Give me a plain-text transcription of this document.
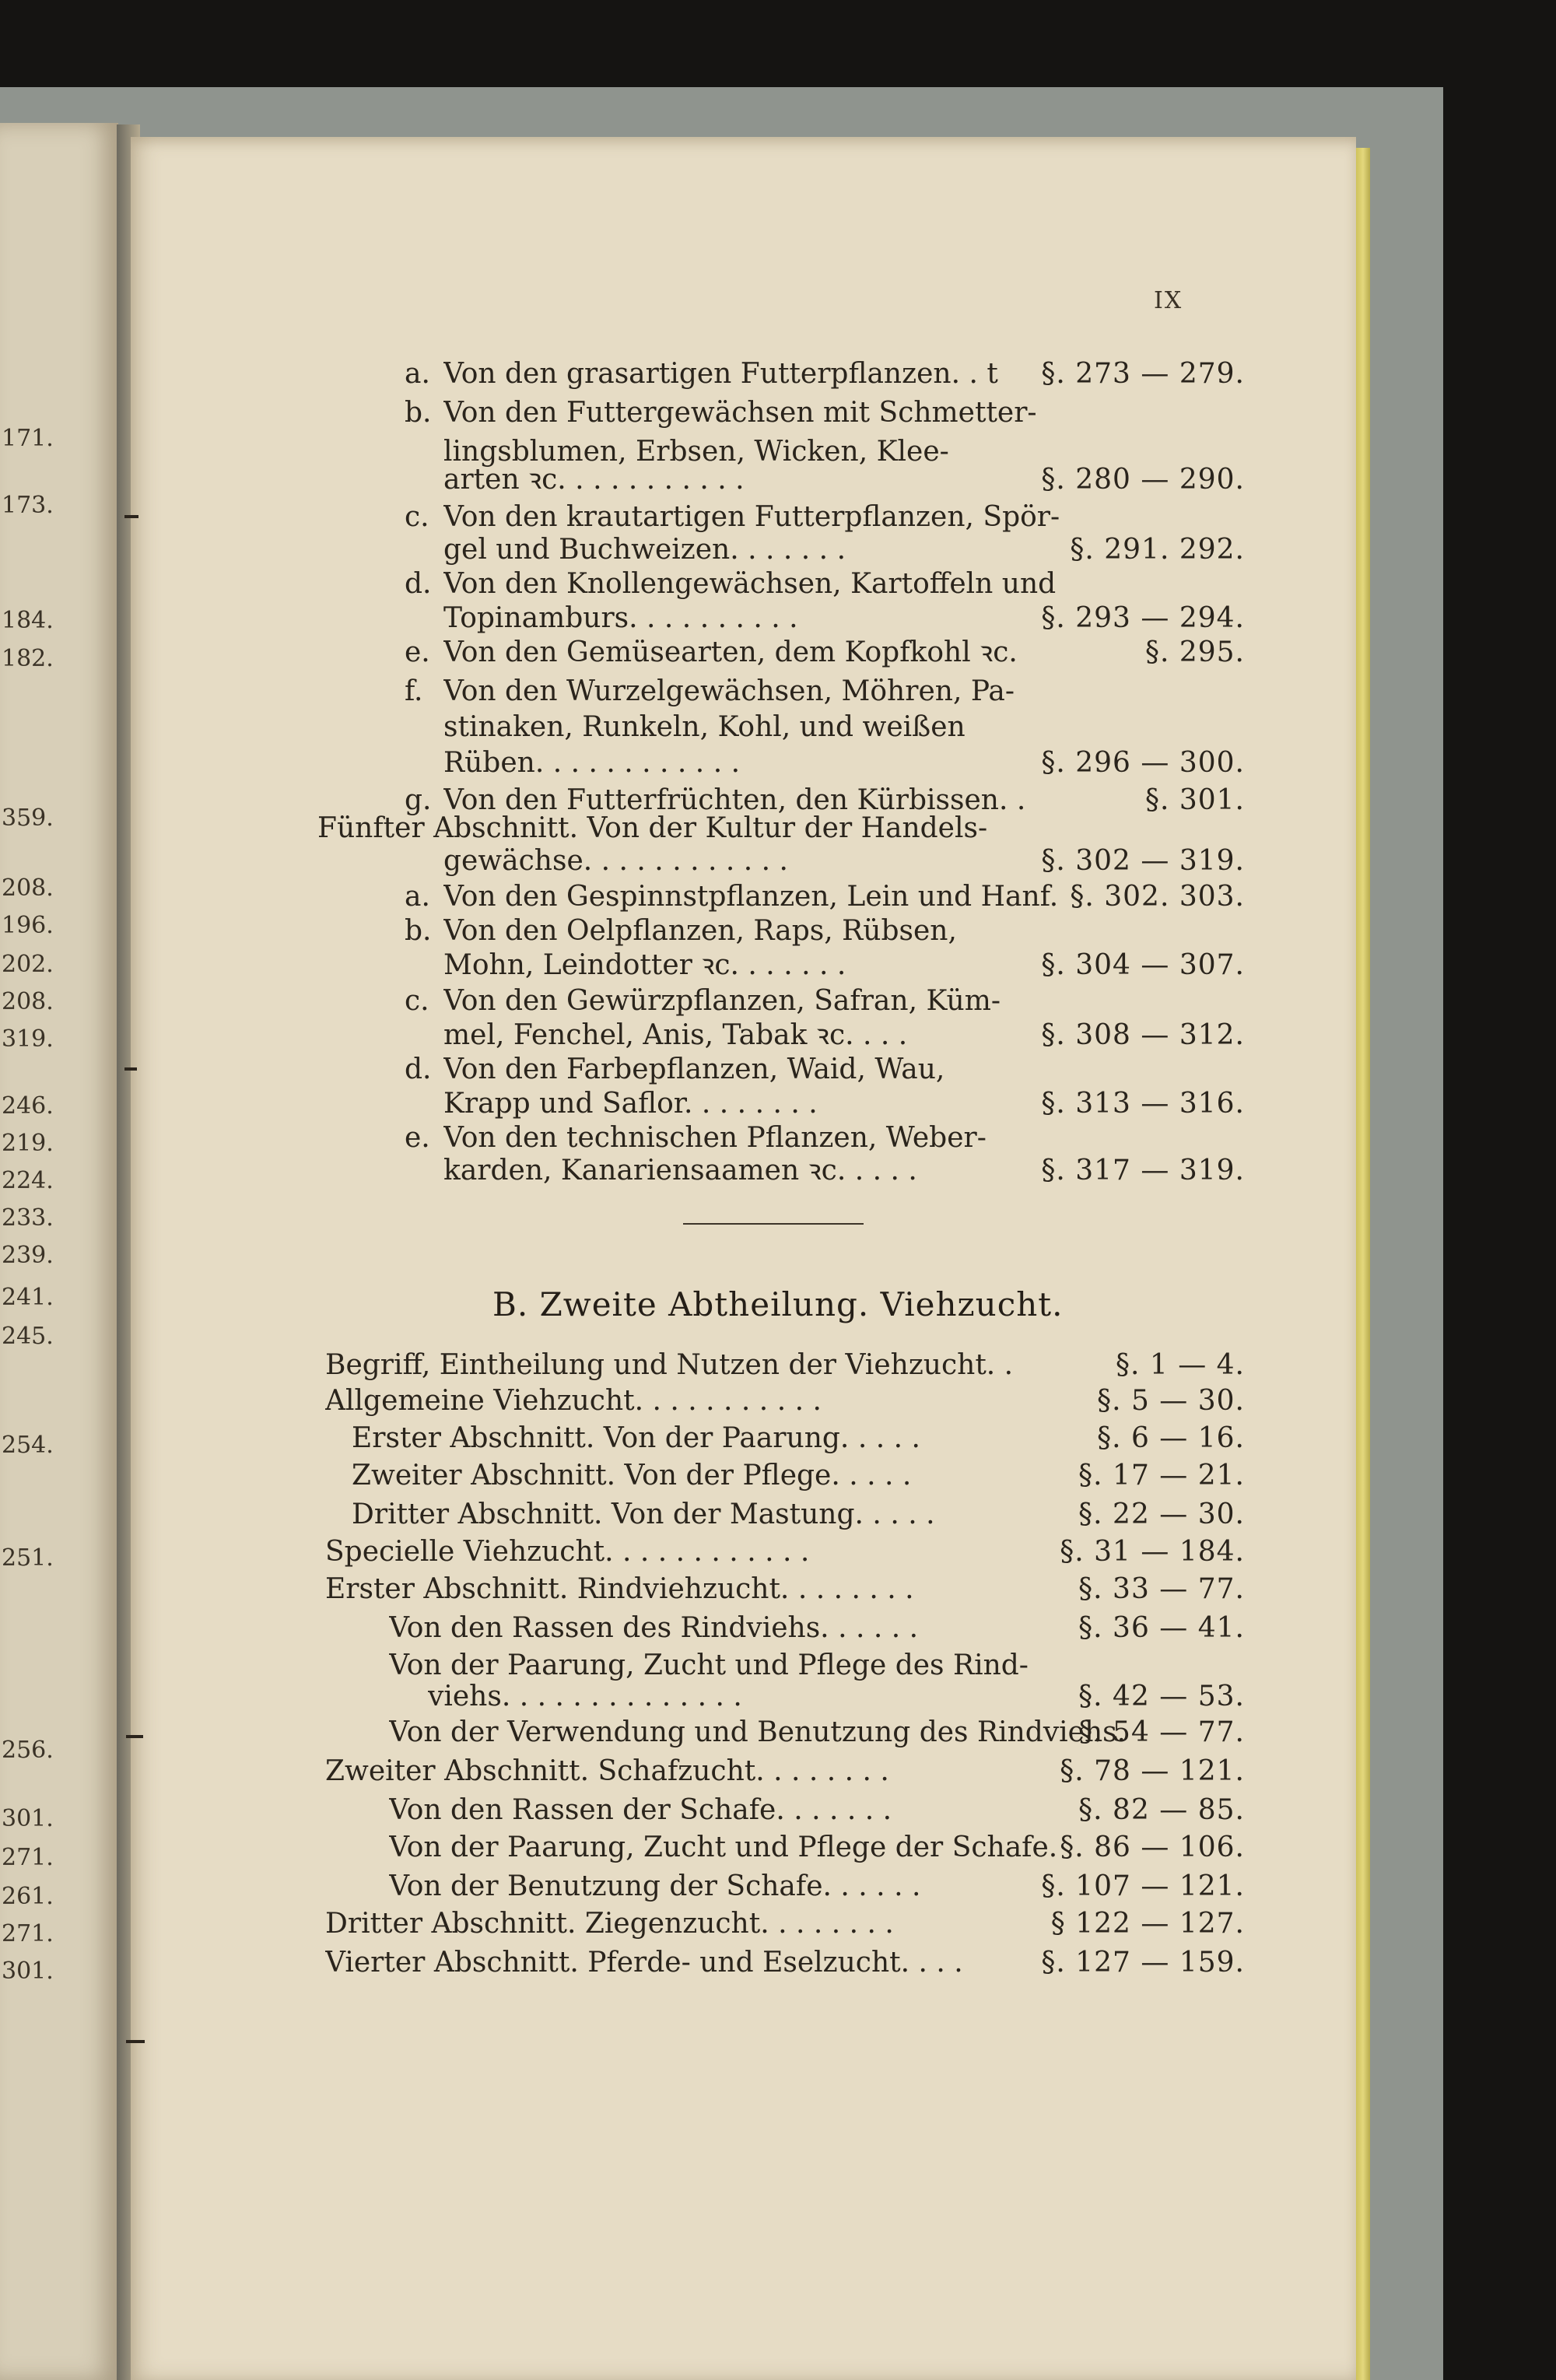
171.
173.
184.
182.
359.
208.
196.
202.
208.
319.
246.
219.
224.
233.
239.
241.
245.
254.
251.
256.
301.
271.
261.
271.
301.
IX
a. Von den grasartigen Futterpflanzen. . t	§. 273 — 279.
b. Von den Futtergewächsen mit Schmetter-
lingsblumen, Erbsen, Wicken, Klee-
arten ꝛc. . . . . . . . . . .	§. 280 — 290.
c. Von den krautartigen Futterpflanzen, Spör-
gel und Buchweizen. . . . . . .	§. 291. 292.
d. Von den Knollengewächsen, Kartoffeln und
Topinamburs. . . . . . . . . .	§. 293 — 294.
e. Von den Gemüsearten, dem Kopfkohl ꝛc.	§. 295.
f. Von den Wurzelgewächsen, Möhren, Pa-
stinaken, Runkeln, Kohl, und weißen
Rüben. . . . . . . . . . . .	§. 296 — 300.
g. Von den Futterfrüchten, den Kürbissen. .	§. 301.
Fünfter Abschnitt. Von der Kultur der Handels-
gewächse. . . . . . . . . . . .	§. 302 — 319.
a. Von den Gespinnstpflanzen, Lein und Hanf. §. 302. 303.
b. Von den Oelpflanzen, Raps, Rübsen,
Mohn, Leindotter ꝛc. . . . . . .	§. 304 — 307.
c. Von den Gewürzpflanzen, Safran, Küm-
mel, Fenchel, Anis, Tabak ꝛc. . . .	§. 308 — 312.
d. Von den Farbepflanzen, Waid, Wau,
Krapp und Saflor. . . . . . . .	§. 313 — 316.
e. Von den technischen Pflanzen, Weber-
karden, Kanariensaamen ꝛc. . . . .	§. 317 — 319.
B. Zweite Abtheilung. Viehzucht.
Begriff, Eintheilung und Nutzen der Viehzucht. .	§. 1 — 4.
Allgemeine Viehzucht. . . . . . . . . . .	§. 5 — 30.
Erster Abschnitt. Von der Paarung. . . . .	§. 6 — 16.
Zweiter Abschnitt. Von der Pflege. . . . .	§. 17 — 21.
Dritter Abschnitt. Von der Mastung. . . . .	§. 22 — 30.
Specielle Viehzucht. . . . . . . . . . . .	§. 31 — 184.
Erster Abschnitt. Rindviehzucht. . . . . . . .	§. 33 — 77.
Von den Rassen des Rindviehs. . . . . .	§. 36 — 41.
Von der Paarung, Zucht und Pflege des Rind-
viehs. . . . . . . . . . . . . .	§. 42 — 53.
Von der Verwendung und Benutzung des Rindviehs.
§. 54 — 77.
Zweiter Abschnitt. Schafzucht. . . . . . . .	§. 78 — 121.
Von den Rassen der Schafe. . . . . . .	§. 82 — 85.
Von der Paarung, Zucht und Pflege der Schafe. §. 86 — 106.
Von der Benutzung der Schafe. . . . . .	§. 107 — 121.
Dritter Abschnitt. Ziegenzucht. . . . . . . .	§ 122 — 127.
Vierter Abschnitt. Pferde- und Eselzucht. . . .	§. 127 — 159.
